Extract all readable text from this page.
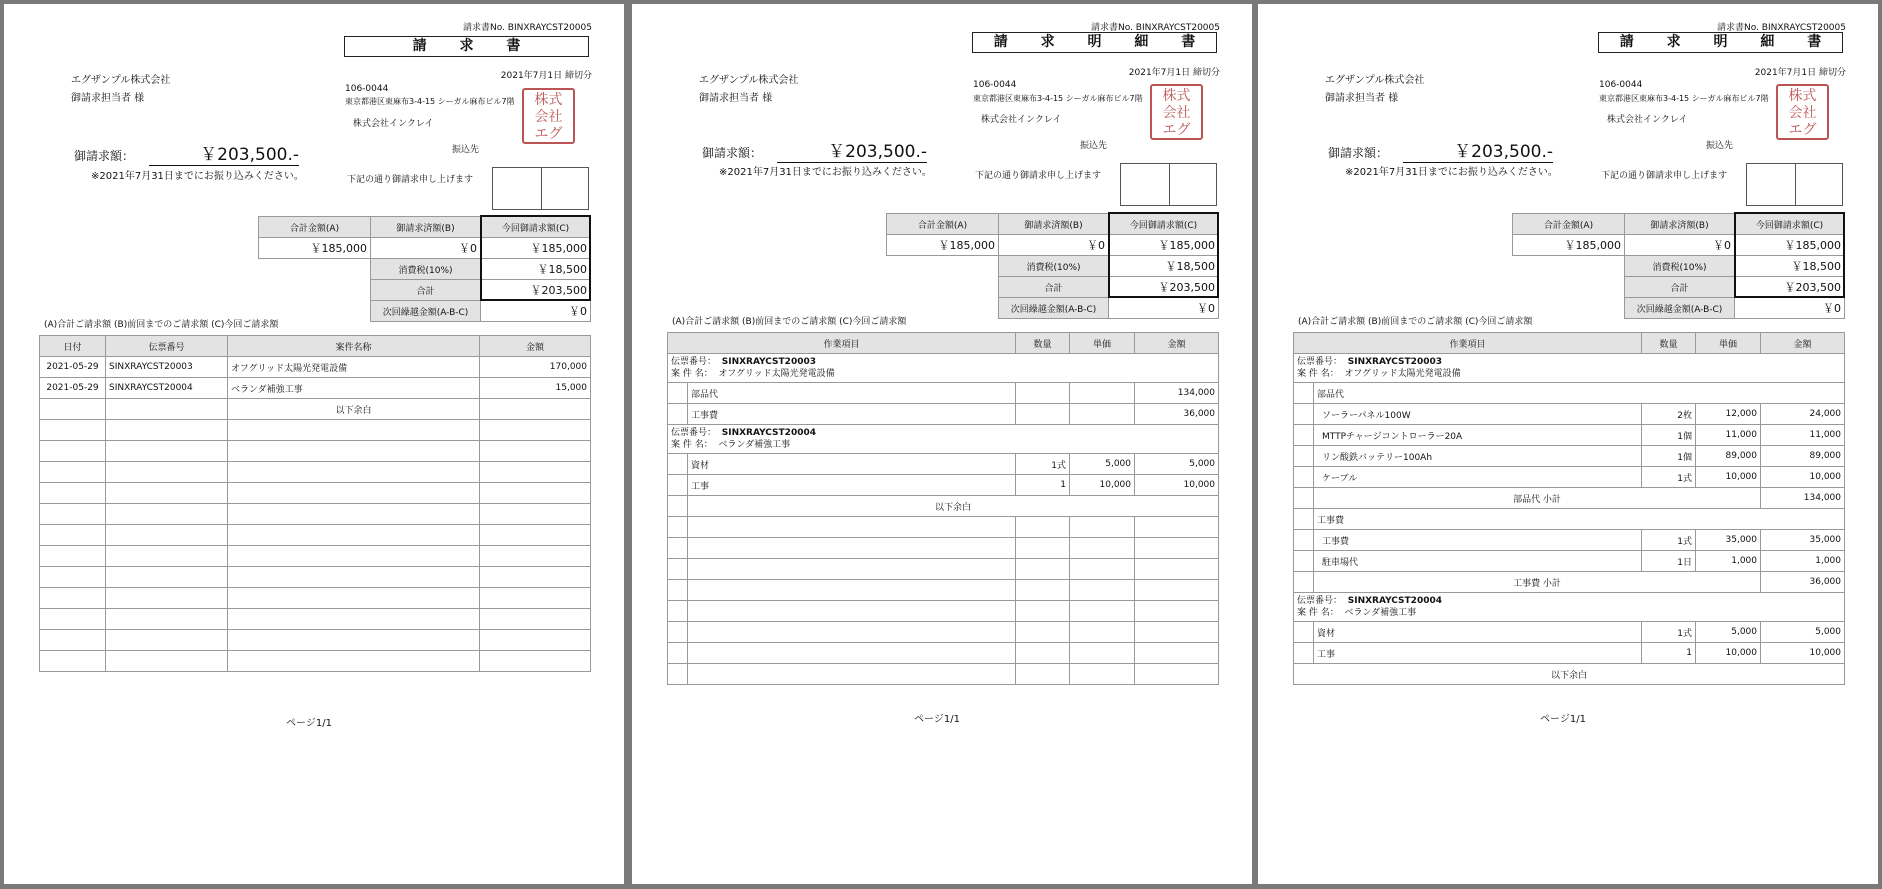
請求書No. BINXRAYCST20005
請 求 書
2021年7月1日 締切分
エグザンプル株式会社
御請求担当者 様
106-0044
東京都港区東麻布3-4-15 シーガル麻布ビル7階
株式会社インクレイ
株式
会社
エグ
振込先
下記の通り御請求申し上げます
御請求額：	￥203,500.-
※2021年7月31日までにお振り込みください。
合計金額(A)	御請求済額(B)	今回御請求額(C)
￥185,000	￥0	￥185,000
	消費税(10%)	￥18,500
	合計	￥203,500
	次回繰越金額(A-B-C)	￥0
(A)合計ご請求額 (B)前回までのご請求額 (C)今回ご請求額
日付	伝票番号	案件名称	金額
2021-05-29	SINXRAYCST20003	オフグリッド太陽光発電設備	170,000
2021-05-29	SINXRAYCST20004	ベランダ補強工事	15,000
		以下余白	

ページ1/1
請求書No. BINXRAYCST20005
請 求 明 細 書
2021年7月1日 締切分
エグザンプル株式会社
御請求担当者 様
106-0044
東京都港区東麻布3-4-15 シーガル麻布ビル7階
株式会社インクレイ
株式
会社
エグ
振込先
下記の通り御請求申し上げます
御請求額：	￥203,500.-
※2021年7月31日までにお振り込みください。
合計金額(A)	御請求済額(B)	今回御請求額(C)
￥185,000	￥0	￥185,000
	消費税(10%)	￥18,500
	合計	￥203,500
	次回繰越金額(A-B-C)	￥0
(A)合計ご請求額 (B)前回までのご請求額 (C)今回ご請求額
作業項目		数量	単価	金額
伝票番号： SINXRAYCST20003
案 件 名： オフグリッド太陽光発電設備				
	部品代			134,000
	工事費			36,000
伝票番号： SINXRAYCST20004
案 件 名： ベランダ補強工事				
	資材	1式	5,000	5,000
	工事	1	10,000	10,000
	以下余白			

ページ1/1
請求書No. BINXRAYCST20005
請 求 明 細 書
2021年7月1日 締切分
エグザンプル株式会社
御請求担当者 様
106-0044
東京都港区東麻布3-4-15 シーガル麻布ビル7階
株式会社インクレイ
株式
会社
エグ
振込先
下記の通り御請求申し上げます
御請求額：	￥203,500.-
※2021年7月31日までにお振り込みください。
合計金額(A)	御請求済額(B)	今回御請求額(C)
￥185,000	￥0	￥185,000
	消費税(10%)	￥18,500
	合計	￥203,500
	次回繰越金額(A-B-C)	￥0
(A)合計ご請求額 (B)前回までのご請求額 (C)今回ご請求額
作業項目		数量	単価	金額
伝票番号： SINXRAYCST20003
案 件 名： オフグリッド太陽光発電設備				
	部品代			
	ソーラーパネル100W	2枚	12,000	24,000
	MTTPチャージコントローラー20A	1個	11,000	11,000
	リン酸鉄バッテリー100Ah	1個	89,000	89,000
	ケーブル	1式	10,000	10,000
	部品代 小計			134,000
	工事費			
	工事費	1式	35,000	35,000
	駐車場代	1日	1,000	1,000
	工事費 小計			36,000
伝票番号： SINXRAYCST20004
案 件 名： ベランダ補強工事				
	資材	1式	5,000	5,000
	工事	1	10,000	10,000
以下余白				
ページ1/1
